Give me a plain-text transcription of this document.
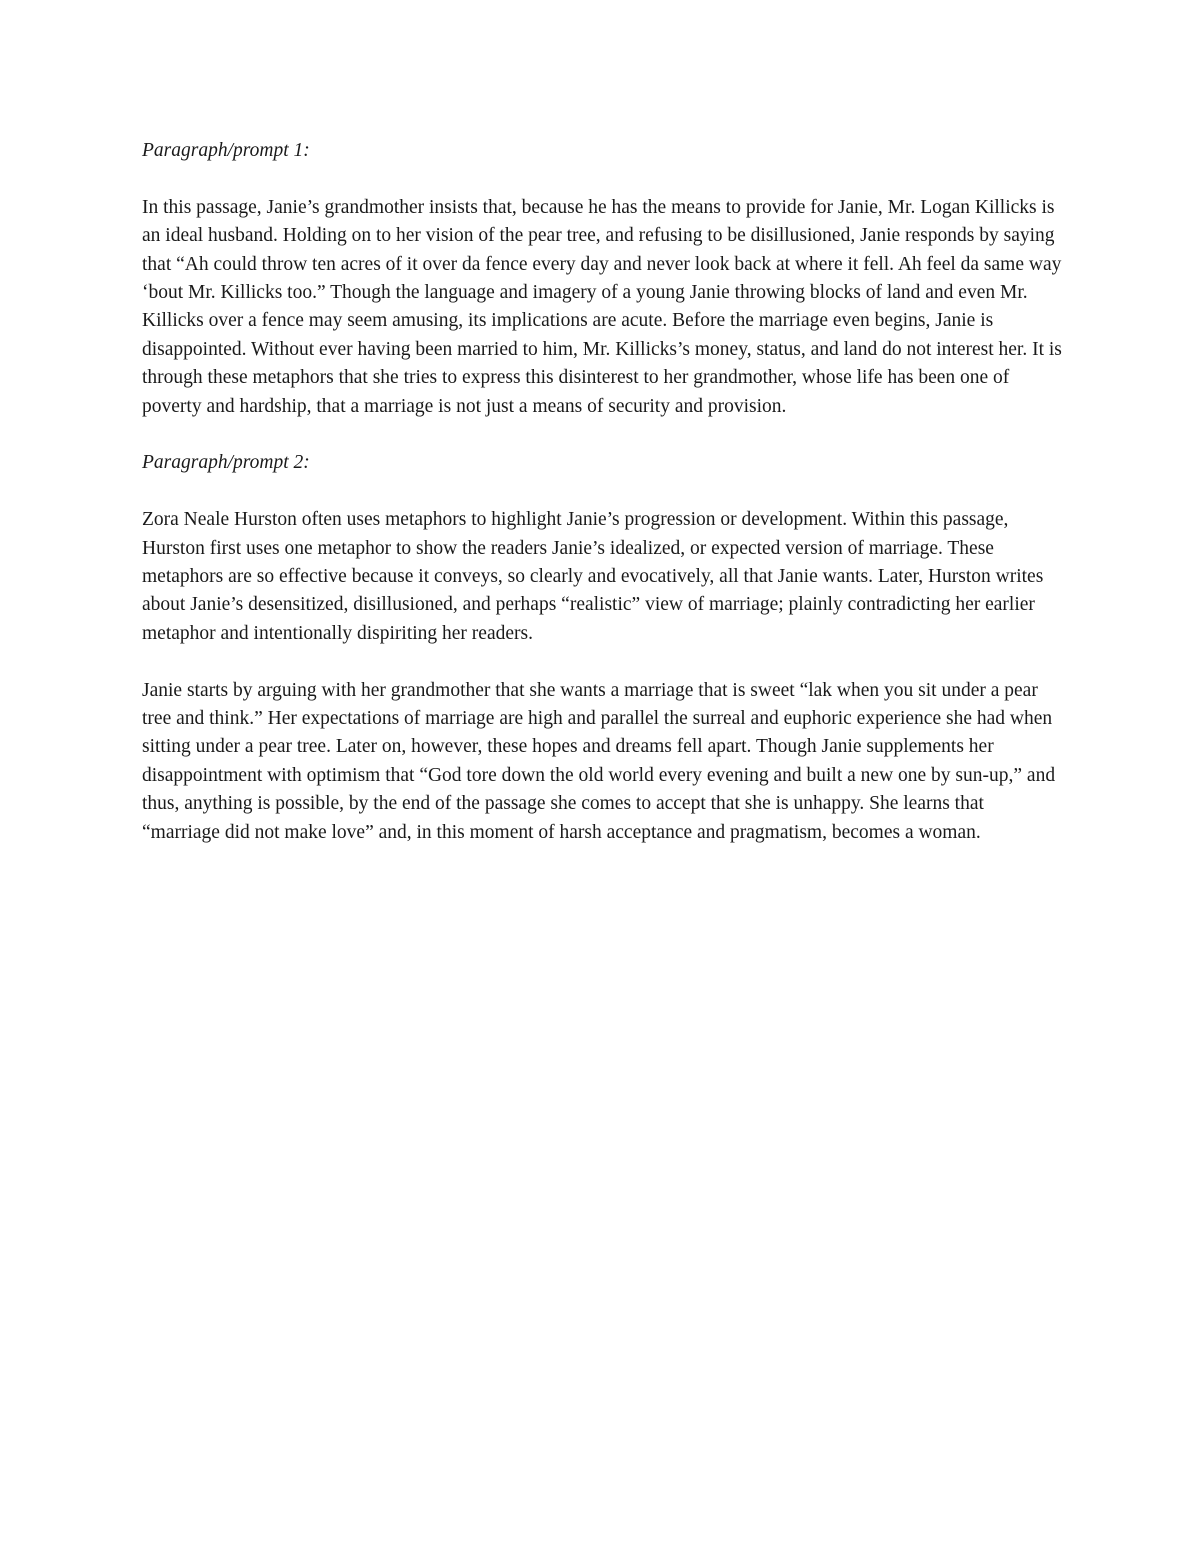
Paragraph/prompt 1:

In this passage, Janie’s grandmother insists that, because he has the means to provide for Janie, Mr. Logan Killicks is an ideal husband. Holding on to her vision of the pear tree, and refusing to be disillusioned, Janie responds by saying that “Ah could throw ten acres of it over da fence every day and never look back at where it fell. Ah feel da same way ‘bout Mr. Killicks too.” Though the language and imagery of a young Janie throwing blocks of land and even Mr. Killicks over a fence may seem amusing, its implications are acute. Before the marriage even begins, Janie is disappointed. Without ever having been married to him, Mr. Killicks’s money, status, and land do not interest her. It is through these metaphors that she tries to express this disinterest to her grandmother, whose life has been one of poverty and hardship, that a marriage is not just a means of security and provision.

Paragraph/prompt 2:

Zora Neale Hurston often uses metaphors to highlight Janie’s progression or development. Within this passage, Hurston first uses one metaphor to show the readers Janie’s idealized, or expected version of marriage. These metaphors are so effective because it conveys, so clearly and evocatively, all that Janie wants. Later, Hurston writes about Janie’s desensitized, disillusioned, and perhaps “realistic” view of marriage; plainly contradicting her earlier metaphor and intentionally dispiriting her readers.

Janie starts by arguing with her grandmother that she wants a marriage that is sweet “lak when you sit under a pear tree and think.” Her expectations of marriage are high and parallel the surreal and euphoric experience she had when sitting under a pear tree. Later on, however, these hopes and dreams fell apart. Though Janie supplements her disappointment with optimism that “God tore down the old world every evening and built a new one by sun-up,” and thus, anything is possible, by the end of the passage she comes to accept that she is unhappy. She learns that “marriage did not make love” and, in this moment of harsh acceptance and pragmatism, becomes a woman.
